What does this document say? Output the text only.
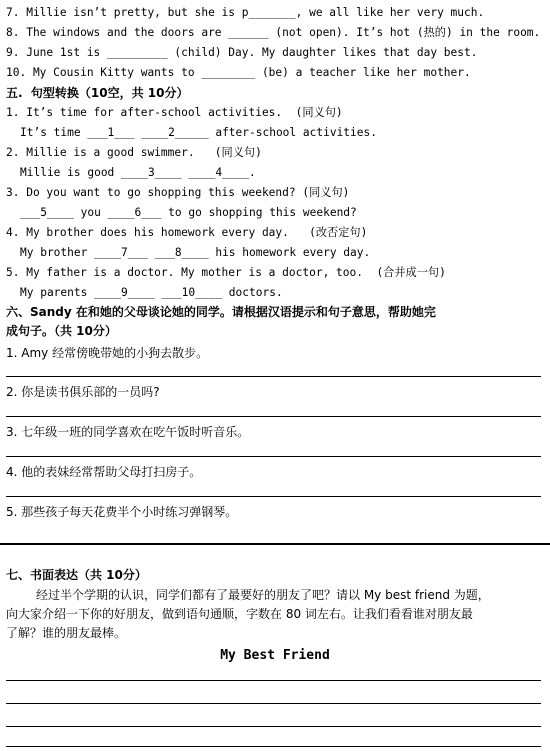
7. Millie isn’t pretty, but she is p_______, we all like her very much.
8. The windows and the doors are ______ (not open). It’s hot (热的) in the room.
9. June 1st is _________ (child) Day. My daughter likes that day best.
10. My Cousin Kitty wants to ________ (be) a teacher like her mother.
五.  句型转换（10空，共 10分）
1. It’s time for after-school activities.  (同义句)
It’s time ___1___ ____2_____ after-school activities.
2. Millie is a good swimmer.   (同义句)
Millie is good ____3____ ____4____.
3. Do you want to go shopping this weekend? (同义句)
___5____ you ____6___ to go shopping this weekend?
4. My brother does his homework every day.   (改否定句)
My brother ____7___ ___8____ his homework every day.
5. My father is a doctor. My mother is a doctor, too.  (合并成一句)
My parents ____9____ ___10____ doctors.
六、Sandy 在和她的父母谈论她的同学。请根据汉语提示和句子意思，帮助她完
成句子。（共 10分）
1. Amy 经常傍晚带她的小狗去散步。
2. 你是读书俱乐部的一员吗?
3. 七年级一班的同学喜欢在吃午饭时听音乐。
4. 他的表妹经常帮助父母打扫房子。
5. 那些孩子每天花费半个小时练习弹钢琴。
七、书面表达（共 10分）
经过半个学期的认识，同学们都有了最要好的朋友了吧？请以 My best friend 为题，
向大家介绍一下你的好朋友，做到语句通顺，字数在 80 词左右。让我们看看谁对朋友最
了解？谁的朋友最棒。
My Best Friend
